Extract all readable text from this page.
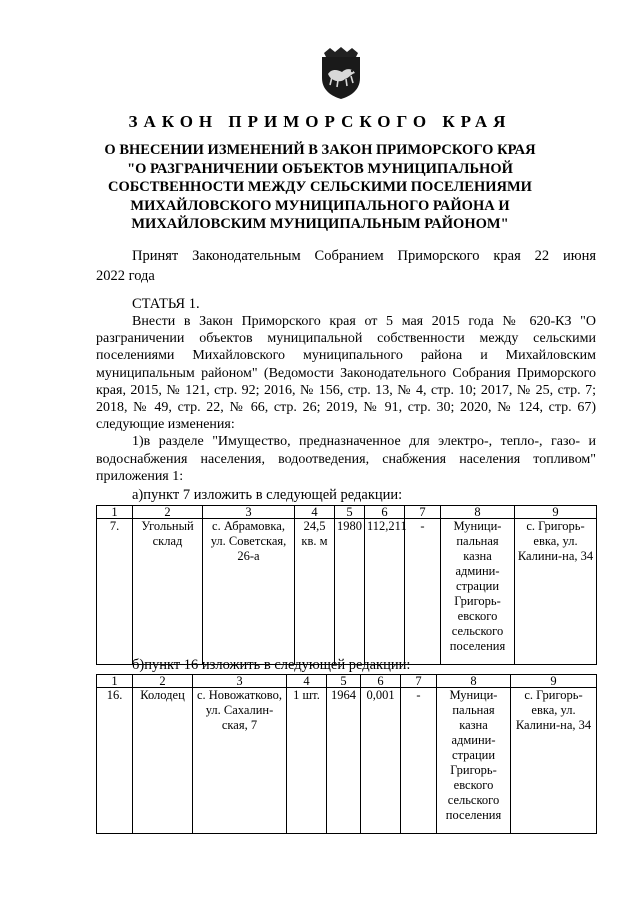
ЗАКОН ПРИМОРСКОГО КРАЯ
О ВНЕСЕНИИ ИЗМЕНЕНИЙ В ЗАКОН ПРИМОРСКОГО КРАЯ
"О РАЗГРАНИЧЕНИИ ОБЪЕКТОВ МУНИЦИПАЛЬНОЙ
СОБСТВЕННОСТИ МЕЖДУ СЕЛЬСКИМИ ПОСЕЛЕНИЯМИ
МИХАЙЛОВСКОГО МУНИЦИПАЛЬНОГО РАЙОНА И
МИХАЙЛОВСКИМ МУНИЦИПАЛЬНЫМ РАЙОНОМ"
Принят Законодательным Собранием Приморского края 22 июня
2022 года
СТАТЬЯ 1.

Внести в Закон Приморского края от 5 мая 2015 года № 620-КЗ "О разграничении объектов муниципальной собственности между сельскими поселениями Михайловского муниципального района и Михайловским муниципальным районом" (Ведомости Законодательного Собрания Приморского края, 2015, № 121, стр. 92; 2016, № 156, стр. 13, № 4, стр. 10; 2017, № 25, стр. 7; 2018, № 49, стр. 22, № 66, стр. 26; 2019, № 91, стр. 30; 2020, № 124, стр. 67) следующие изменения:

1)в разделе "Имущество, предназначенное для электро-, тепло-, газо- и водоснабжения населения, водоотведения, снабжения населения топливом" приложения 1:

а)пункт 7 изложить в следующей редакции:
1	2	3	4	5	6	7	8	9
7.	Угольный склад	с. Абрамовка, ул. Советская, 26-а	24,5 кв. м	1980	112,211	-	Муници-пальная казна админи-страции Григорь-евского сельского поселения	с. Григорь-евка, ул. Калини-на, 34
б)пункт 16 изложить в следующей редакции:
1	2	3	4	5	6	7	8	9
16.	Колодец	с. Новожатково, ул. Сахалин-ская, 7	1 шт.	1964	0,001	-	Муници-пальная казна админи-страции Григорь-евского сельского поселения	с. Григорь-евка, ул. Калини-на, 34
